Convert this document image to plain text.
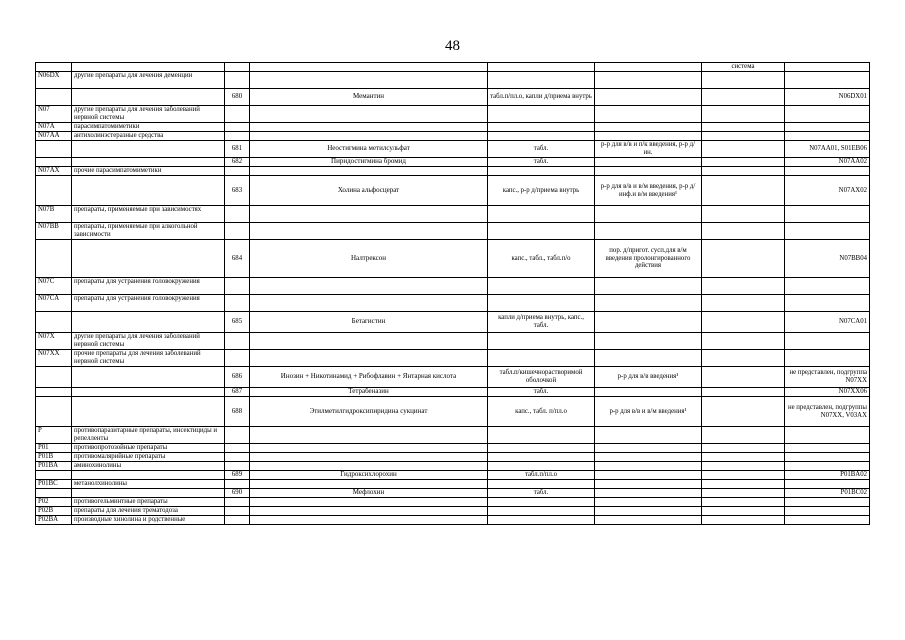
48
						система	
N06DX	другие препараты для лечения деменции						
		680	Мемантин	табл.п/пл.о, капли д/приема внутрь			N06DX01
N07	другие препараты для лечения заболеваний нервной системы						
N07A	парасимпатомиметики						
N07AA	антихолинэстеразные средства						
		681	Неостигмина метилсульфат	табл.	р-р для в/в и п/к введения, р-р д/ин.		N07AA01, S01EB06
		682	Пиридостигмина бромид	табл.			N07AA02
N07AX	прочие парасимпатомиметики						
		683	Холина альфосцерат	капс., р-р д/приема внутрь	р-р для в/в и в/м введения, р-р д/инф.и в/м введения¹		N07AX02
N07B	препараты, применяемые при зависимостях						
N07BB	препараты, применяемые при алкогольной зависимости						
		684	Налтрексон	капс., табл., табл.п/о	пор. д/пригот. сусп.для в/м введения пролонгированного действия		N07BB04
N07C	препараты для устранения головокружения						
N07CA	препараты для устранения головокружения						
		685	Бетагистин	капли д/приема внутрь, капс., табл.			N07CA01
N07X	другие препараты для лечения заболеваний нервной системы						
N07XX	прочие препараты для лечения заболеваний нервной системы						
		686	Инозин + Никотинамид + Рибофлавин + Янтарная кислота	табл.п/кишечнорастворимой оболочкой	р-р для в/в введения¹		не представлен, подгруппа N07XX
		687	Тетрабеназин	табл.			N07XX06
		688	Этилметилгидроксипиридина сукцинат	капс., табл. п/пл.о	р-р для в/в и в/м введения¹		не представлен, подгруппы N07XX, V03AX
P	противопаразитарные препараты, инсектициды и репелленты						
P01	противопротозойные препараты						
P01B	противомалярийные препараты						
P01BA	аминохинолины						
		689	Гидроксихлорохин	табл.п/пл.о			P01BA02
P01BC	метанолхинолины						
		690	Мефлохин	табл.			P01BC02
P02	противогельминтные препараты						
P02B	препараты для лечения трематодоза						
P02BA	производные хинолина и родственные						
